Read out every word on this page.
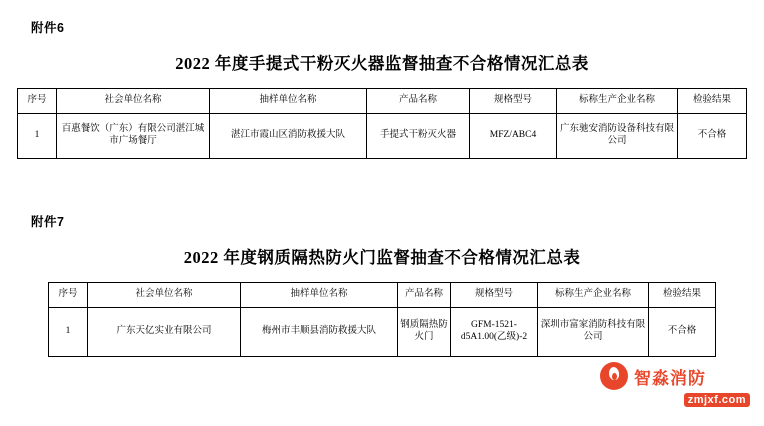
附件6
2022 年度手提式干粉灭火器监督抽查不合格情况汇总表
序号	社会单位名称	抽样单位名称	产品名称	规格型号	标称生产企业名称	检验结果
1	百惠餐饮（广东）有限公司湛江城市广场餐厅	湛江市霞山区消防救援大队	手提式干粉灭火器	MFZ/ABC4	广东驰安消防设备科技有限公司	不合格
附件7
2022 年度钢质隔热防火门监督抽查不合格情况汇总表
序号	社会单位名称	抽样单位名称	产品名称	规格型号	标称生产企业名称	检验结果
1	广东天亿实业有限公司	梅州市丰顺县消防救援大队	钢质隔热防火门	GFM-1521-d5A1.00(乙级)-2	深圳市富家消防科技有限公司	不合格
智淼消防
zmjxf.com
